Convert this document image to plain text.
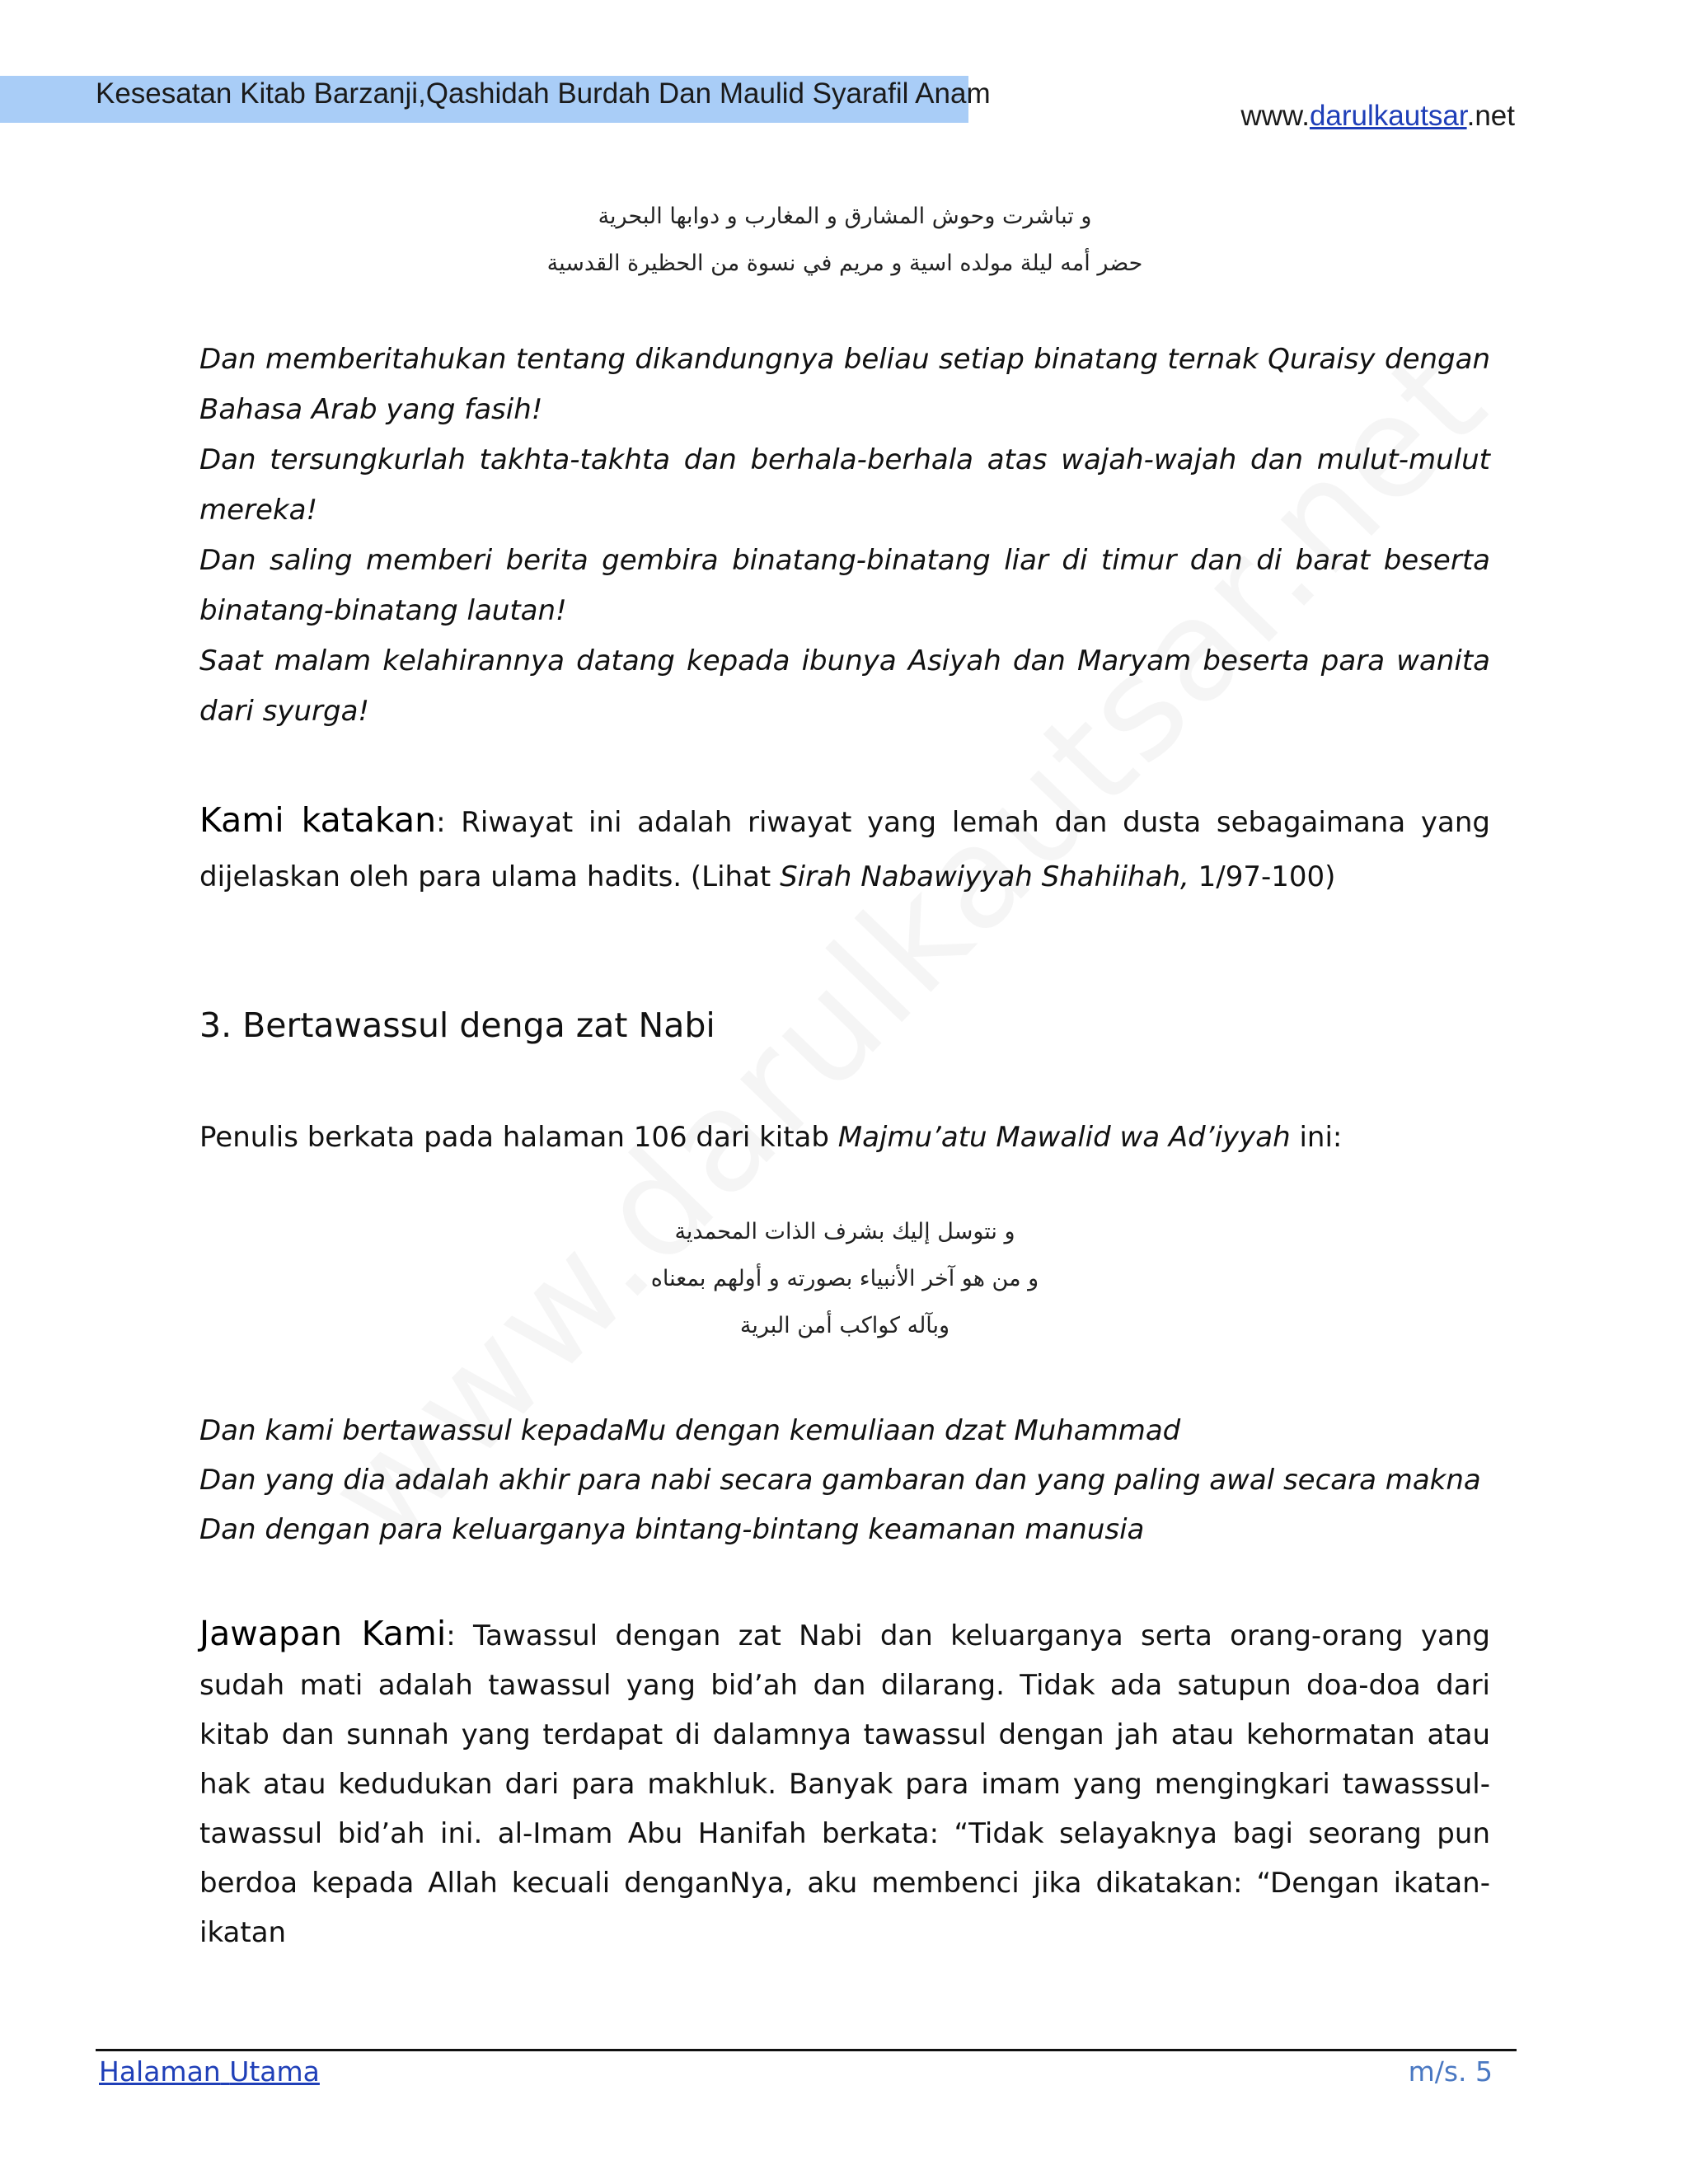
Kesesatan Kitab Barzanji,Qashidah Burdah Dan Maulid Syarafil Anam
www.darulkautsar.net
و تباشرت وحوش المشارق و المغارب و دوابها البحرية
حضر أمه ليلة مولده اسية و مريم في نسوة من الحظيرة القدسية

Dan memberitahukan tentang dikandungnya beliau setiap binatang ternak Quraisy dengan Bahasa Arab yang fasih!

Dan tersungkurlah takhta-takhta dan berhala-berhala atas wajah-wajah dan mulut-mulut mereka!

Dan saling memberi berita gembira binatang-binatang liar di timur dan di barat beserta binatang-binatang lautan!

Saat malam kelahirannya datang kepada ibunya Asiyah dan Maryam beserta para wanita dari syurga!

Kami katakan: Riwayat ini adalah riwayat yang lemah dan dusta sebagaimana yang dijelaskan oleh para ulama hadits. (Lihat Sirah Nabawiyyah Shahiihah, 1/97-100)
3. Bertawassul denga zat Nabi
Penulis berkata pada halaman 106 dari kitab Majmu’atu Mawalid wa Ad’iyyah ini:
و نتوسل إليك بشرف الذات المحمدية
و من هو آخر الأنبياء بصورته و أولهم بمعناه
وبآله كواكب أمن البرية

Dan kami bertawassul kepadaMu dengan kemuliaan dzat Muhammad

Dan yang dia adalah akhir para nabi secara gambaran dan yang paling awal secara makna

Dan dengan para keluarganya bintang-bintang keamanan manusia

Jawapan Kami: Tawassul dengan zat Nabi dan keluarganya serta orang-orang yang sudah mati adalah tawassul yang bid’ah dan dilarang. Tidak ada satupun doa-doa dari kitab dan sunnah yang terdapat di dalamnya tawassul dengan jah atau kehormatan atau hak atau kedudukan dari para makhluk. Banyak para imam yang mengingkari tawasssul-tawassul bid’ah ini. al-Imam Abu Hanifah berkata: “Tidak selayaknya bagi seorang pun berdoa kepada Allah kecuali denganNya, aku membenci jika dikatakan: “Dengan ikatan-ikatan
Halaman Utama	m/s. 5
